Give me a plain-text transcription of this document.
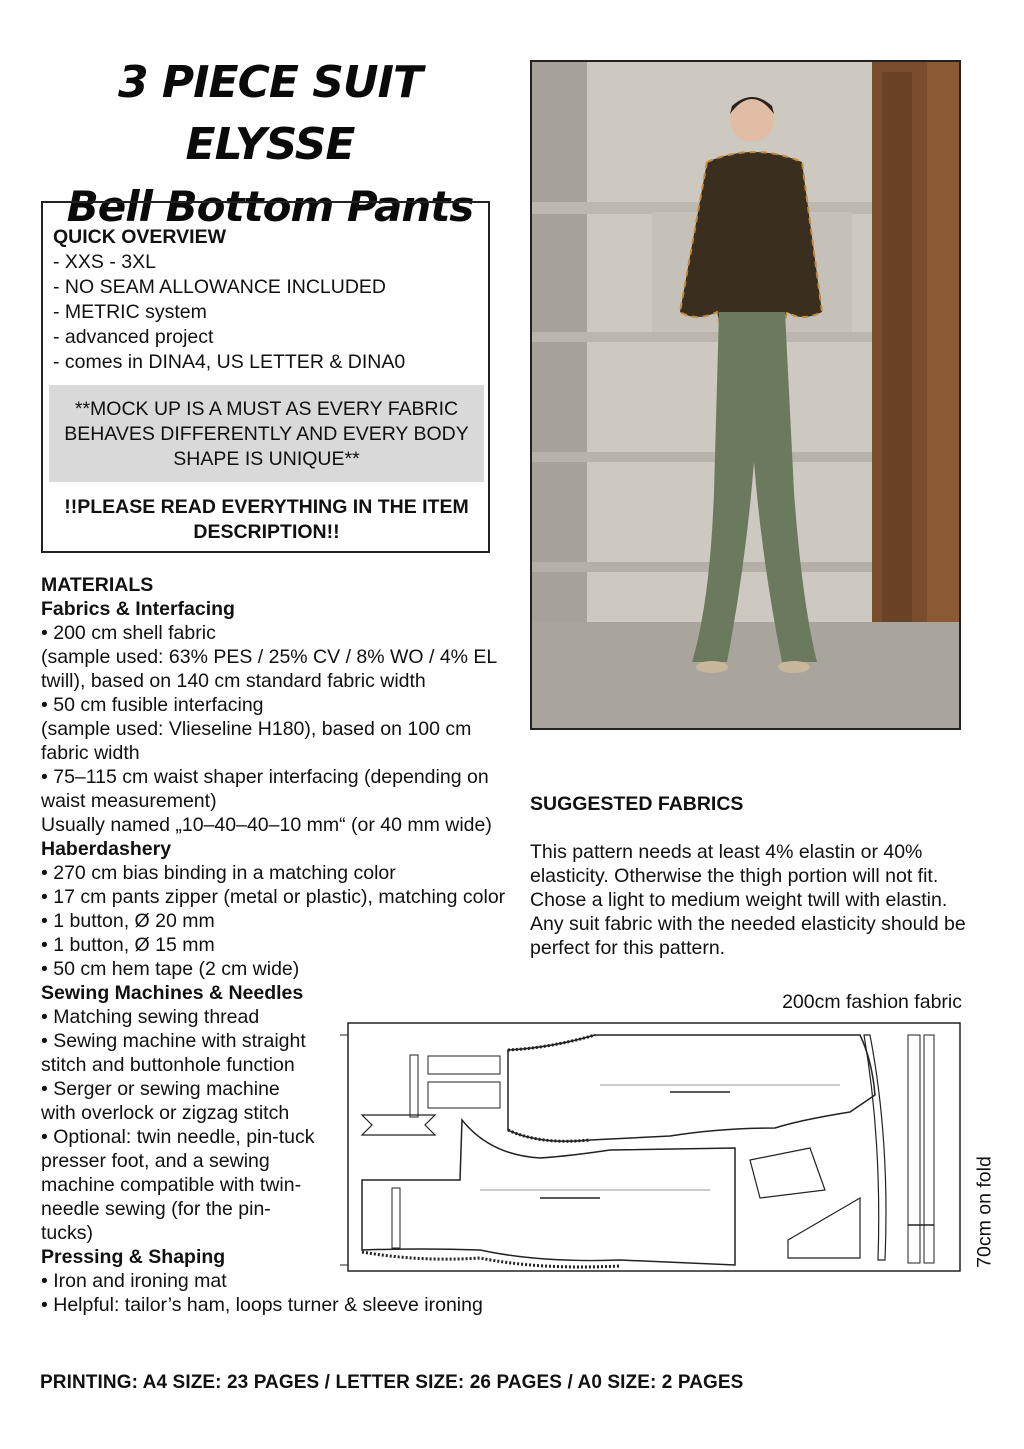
3 PIECE SUIT ELYSSE
Bell Bottom Pants
QUICK OVERVIEW
- XXS - 3XL
- NO SEAM ALLOWANCE INCLUDED
- METRIC system
- advanced project
- comes in DINA4, US LETTER & DINA0
**MOCK UP IS A MUST AS EVERY FABRIC BEHAVES DIFFERENTLY AND EVERY BODY SHAPE IS UNIQUE**
!!PLEASE READ EVERYTHING IN THE ITEM DESCRIPTION!!

MATERIALS

Fabrics & Interfacing

• 200 cm shell fabric

(sample used: 63% PES / 25% CV / 8% WO / 4% EL twill), based on 140 cm standard fabric width

• 50 cm fusible interfacing

(sample used: Vlieseline H180), based on 100 cm fabric width

• 75–115 cm waist shaper interfacing (depending on waist measurement)

Usually named „10–40–40–10 mm“ (or 40 mm wide)

Haberdashery

• 270 cm bias binding in a matching color

• 17 cm pants zipper (metal or plastic), matching color

• 1 button, Ø 20 mm

• 1 button, Ø 15 mm

• 50 cm hem tape (2 cm wide)

Sewing Machines & Needles

• Matching sewing thread

• Sewing machine with straight stitch and buttonhole function

• Serger or sewing machine with overlock or zigzag stitch

• Optional: twin needle, pin-tuck presser foot, and a sewing machine compatible with twin-needle sewing (for the pin-tucks)

Pressing & Shaping

• Iron and ironing mat

• Helpful: tailor’s ham, loops turner & sleeve ironing

SUGGESTED FABRICS
This pattern needs at least 4% elastin or 40% elasticity. Otherwise the thigh portion will not fit. Chose a light to medium weight twill with elastin. Any suit fabric with the needed elasticity should be perfect for this pattern.
200cm fashion fabric
70cm on fold
PRINTING: A4 SIZE: 23 PAGES / LETTER SIZE: 26 PAGES / A0 SIZE: 2 PAGES
